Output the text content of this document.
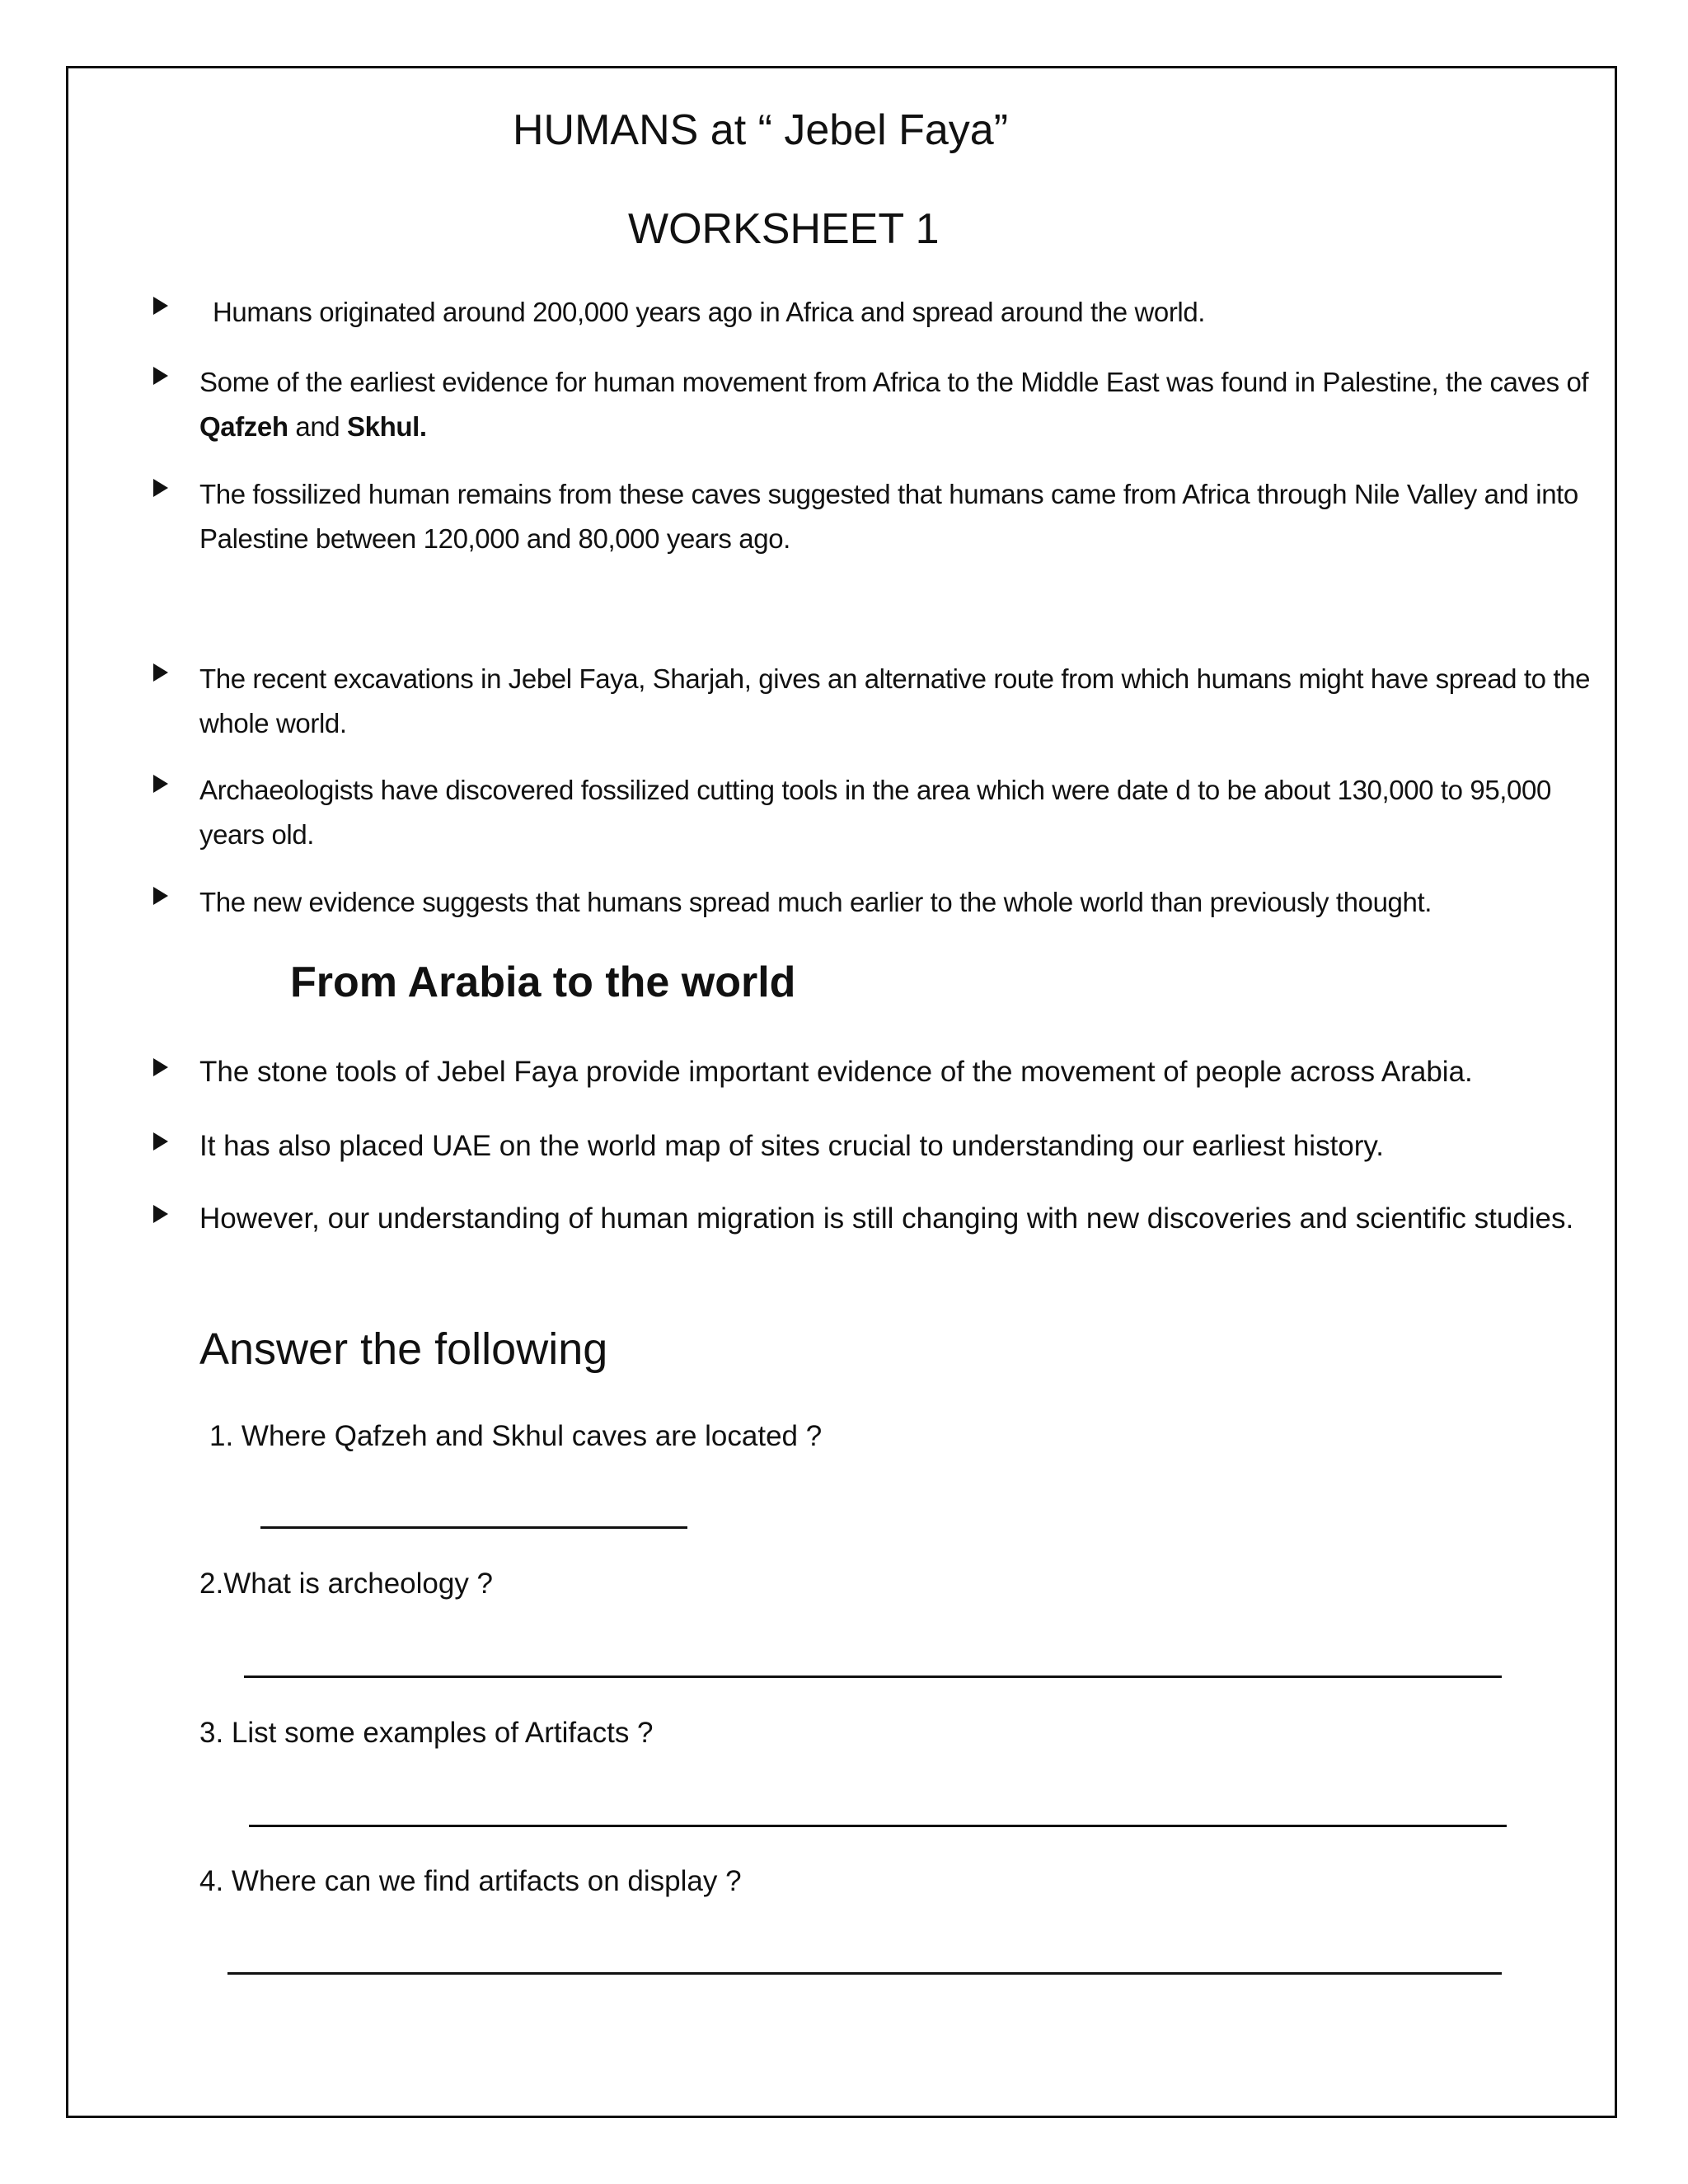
HUMANS at “ Jebel Faya”
WORKSHEET 1
Humans originated around 200,000 years ago in Africa and spread around the world.
Some of the earliest evidence for human movement from Africa to the Middle East was found in Palestine, the caves of Qafzeh and Skhul.
The fossilized human remains from these caves suggested that humans came from Africa through Nile Valley and into Palestine between 120,000 and 80,000 years ago.
The recent excavations in Jebel Faya, Sharjah, gives an alternative route from which humans might have spread to the whole world.
Archaeologists have discovered fossilized cutting tools in the area which were date d to be about 130,000 to 95,000 years old.
The new evidence suggests that humans spread much earlier to the whole world than previously thought.
From Arabia to the world
The stone tools of Jebel Faya provide important evidence of the movement of people across Arabia.
It has also placed UAE on the world map of sites crucial to understanding our earliest history.
However, our understanding of human migration is still changing with new discoveries and scientific studies.
Answer the following
1. Where Qafzeh and Skhul caves are located ?
2.What is archeology ?
3. List some examples of Artifacts ?
4. Where can we find artifacts on display ?
